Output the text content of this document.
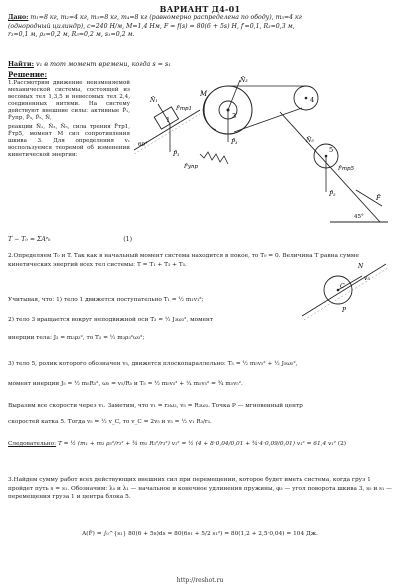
ВАРИАНТ Д4-01
Дано: m₁=8 кг, m₂=4 кг, m₃=8 кг, m₄=8 кг (равномерно распределена по ободу), m₅=4 кг
(однородный цилиндр), c=240 Н/м, M=1,4 Нм, F = f(s) = 80(6 + 5s) Н, f′=0,1, R₃=0,3 м,
r₃=0,1 м, ρ₃=0,2 м, R₅=0,2 м, s₁=0,2 м.
Найти: v₁ в тот момент времени, когда s = s₁
Решение:

1.Рассмотрим движение неизменяемой механической системы, состоящей из весомых тел 1,3,5 и невесомых тел 2,4, соединенных нитями. На систему действуют внешние силы: активные P̄₁, F̄упр, P̄₃, P̄₅, N̄,

реакции N̄₁, N̄₃, N̄₅, сила трения F̄тр1, F̄тр5, момент M сил сопротивления шкива 3. Для определения v₁ воспользуемся теоремой об изменении кинетической энергии:

T − T₀ = ΣAᵉₖ	(1)
M
3
N̄₃
F̄тр1
P̄₃
F̄упр
1
4
N̄₁
F̄
P̄₁
5
N̄₅
F̄тр5
P̄₅
60°
45°
N
C
P
v₅
2.Определяем T₀ и T. Так как в начальный момент система находится в покое, то T₀ = 0. Величина T равна сумме кинетических энергий всех тел системы: T = T₁ + T₃ + T₅.
Учитывая, что: 1) тело 1 движется поступательно T₁ = ½ m₁v₁²;
2) тело 3 вращается вокруг неподвижной оси T₃ = ½ J₃ω₃², момент
инерции тела: J₃ = m₃ρ₃², то T₃ = ½ m₃ρ₃²ω₃²;
3) тело 5, ролик которого обозначен v₅, движется плоскопараллельно: T₅ = ½ m₅v₅² + ½ J₅ω₅²,
момент инерции J₅ = ½ m₅R₅², ω₅ = v₅/R₅ и T₅ = ½ m₅v₅² + ¼ m₅v₅² = ¾ m₅v₅².
Выразим все скорости через v₁. Заметим, что v₁ = r₃ω₃, v₅ = R₃ω₃. Точка P — мгновенный центр
скоростей катка 5. Тогда v₅ = ½ v_C, то v_C = 2v₅ и v₅ = ½ v₁ R₃/r₃.
Следовательно: T = ½ (m₁ + m₃ ρ₃²/r₃² + ¾ m₅ R₃²/r₃²) v₁² = ½ (4 + 8·0,04/0,01 + ¾·4·0,09/0,01) v₁² = 61,4 v₁² (2)
3.Найдем сумму работ всех действующих внешних сил при перемещении, которое будет иметь система, когда груз 1 пройдет путь s = s₁. Обозначим: λ₀ и λ₁ — начальное и конечное удлинения пружины, φ₃ — угол поворота шкива 3, s₅ и s₁ — перемещения груза 1 и центра блока 5.
A(F̄) = ∫₀^{s₁} 80(6 + 5s)ds = 80(6s₁ + 5/2 s₁²) = 80(1,2 + 2,5·0,04) = 104 Дж.
http://reshot.ru
